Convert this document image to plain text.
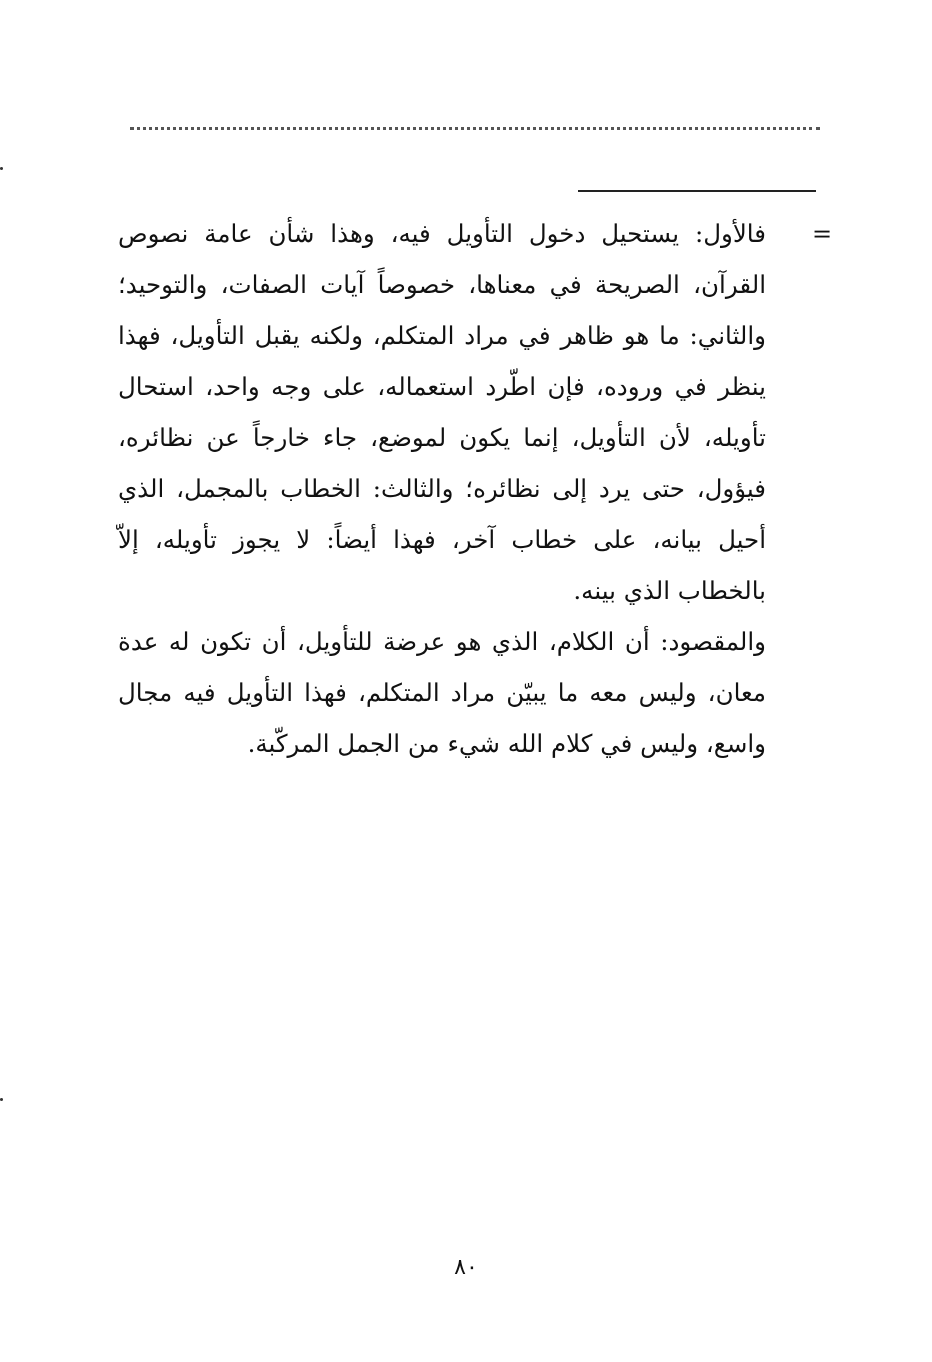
=

فالأول: يستحيل دخول التأويل فيه، وهذا شأن عامة نصوص القرآن، الصريحة في معناها، خصوصاً آيات الصفات، والتوحيد؛ والثاني: ما هو ظاهر في مراد المتكلم، ولكنه يقبل التأويل، فهذا ينظر في وروده، فإن اطّرد استعماله، على وجه واحد، استحال تأويله، لأن التأويل، إنما يكون لموضع، جاء خارجاً عن نظائره، فيؤول، حتى يرد إلى نظائره؛ والثالث: الخطاب بالمجمل، الذي أحيل بيانه، على خطاب آخر، فهذا أيضاً: لا يجوز تأويله، إلاّ بالخطاب الذي بينه.

والمقصود: أن الكلام، الذي هو عرضة للتأويل، أن تكون له عدة معان، وليس معه ما يبيّن مراد المتكلم، فهذا التأويل فيه مجال واسع، وليس في كلام الله شيء من الجمل المركّبة.

٨٠
